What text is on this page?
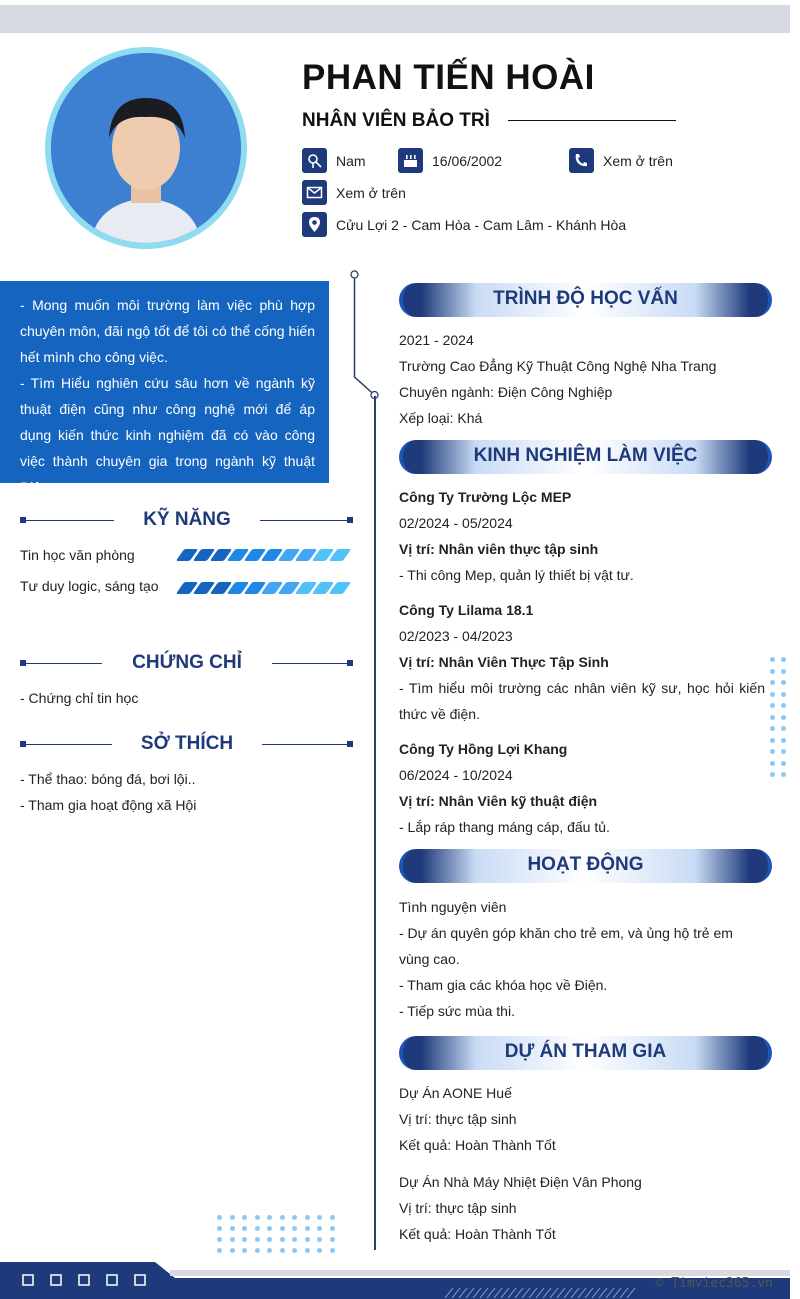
PHAN TIẾN HOÀI
NHÂN VIÊN BẢO TRÌ
Nam	16/06/2002	Xem ở trên
Xem ở trên
Cửu Lợi 2 - Cam Hòa - Cam Lâm - Khánh Hòa

- Mong muốn môi trường làm việc phù hợp chuyên môn, đãi ngộ tốt để tôi có thể cống hiến hết mình cho công việc.

- Tìm Hiểu nghiên cứu sâu hơn về ngành kỹ thuật điện cũng như công nghệ mới để áp dụng kiến thức kinh nghiệm đã có vào công việc thành chuyên gia trong ngành kỹ thuật Điện.

KỸ NĂNG
Tin học văn phòng
Tư duy logic, sáng tạo
CHỨNG CHỈ
- Chứng chỉ tin học
SỞ THÍCH
- Thể thao: bóng đá, bơi lội..
- Tham gia hoạt động xã Hội
TRÌNH ĐỘ HỌC VẤN

2021 - 2024

Trường Cao Đẳng Kỹ Thuật Công Nghệ Nha Trang

Chuyên ngành: Điện Công Nghiệp

Xếp loại: Khá

KINH NGHIỆM LÀM VIỆC

Công Ty Trường Lộc MEP

02/2024 - 05/2024

Vị trí: Nhân viên thực tập sinh

- Thi công Mep, quản lý thiết bị vật tư.

Công Ty Lilama 18.1

02/2023 - 04/2023

Vị trí: Nhân Viên Thực Tập Sinh

- Tìm hiểu môi trường các nhân viên kỹ sư, học hỏi kiến thức về điện.

Công Ty Hồng Lợi Khang

06/2024 - 10/2024

Vị trí: Nhân Viên kỹ thuật điện

- Lắp ráp thang máng cáp, đấu tủ.

HOẠT ĐỘNG

Tình nguyện viên

- Dự án quyên góp khăn cho trẻ em, và ủng hộ trẻ em vùng cao.

- Tham gia các khóa học về Điện.

- Tiếp sức mùa thi.

DỰ ÁN THAM GIA

Dự Án AONE Huế

Vị trí: thực tập sinh

Kết quả: Hoàn Thành Tốt

Dự Án Nhà Máy Nhiệt Điện Vân Phong

Vị trí: thực tập sinh

Kết quả: Hoàn Thành Tốt

© Timviec365.vn
